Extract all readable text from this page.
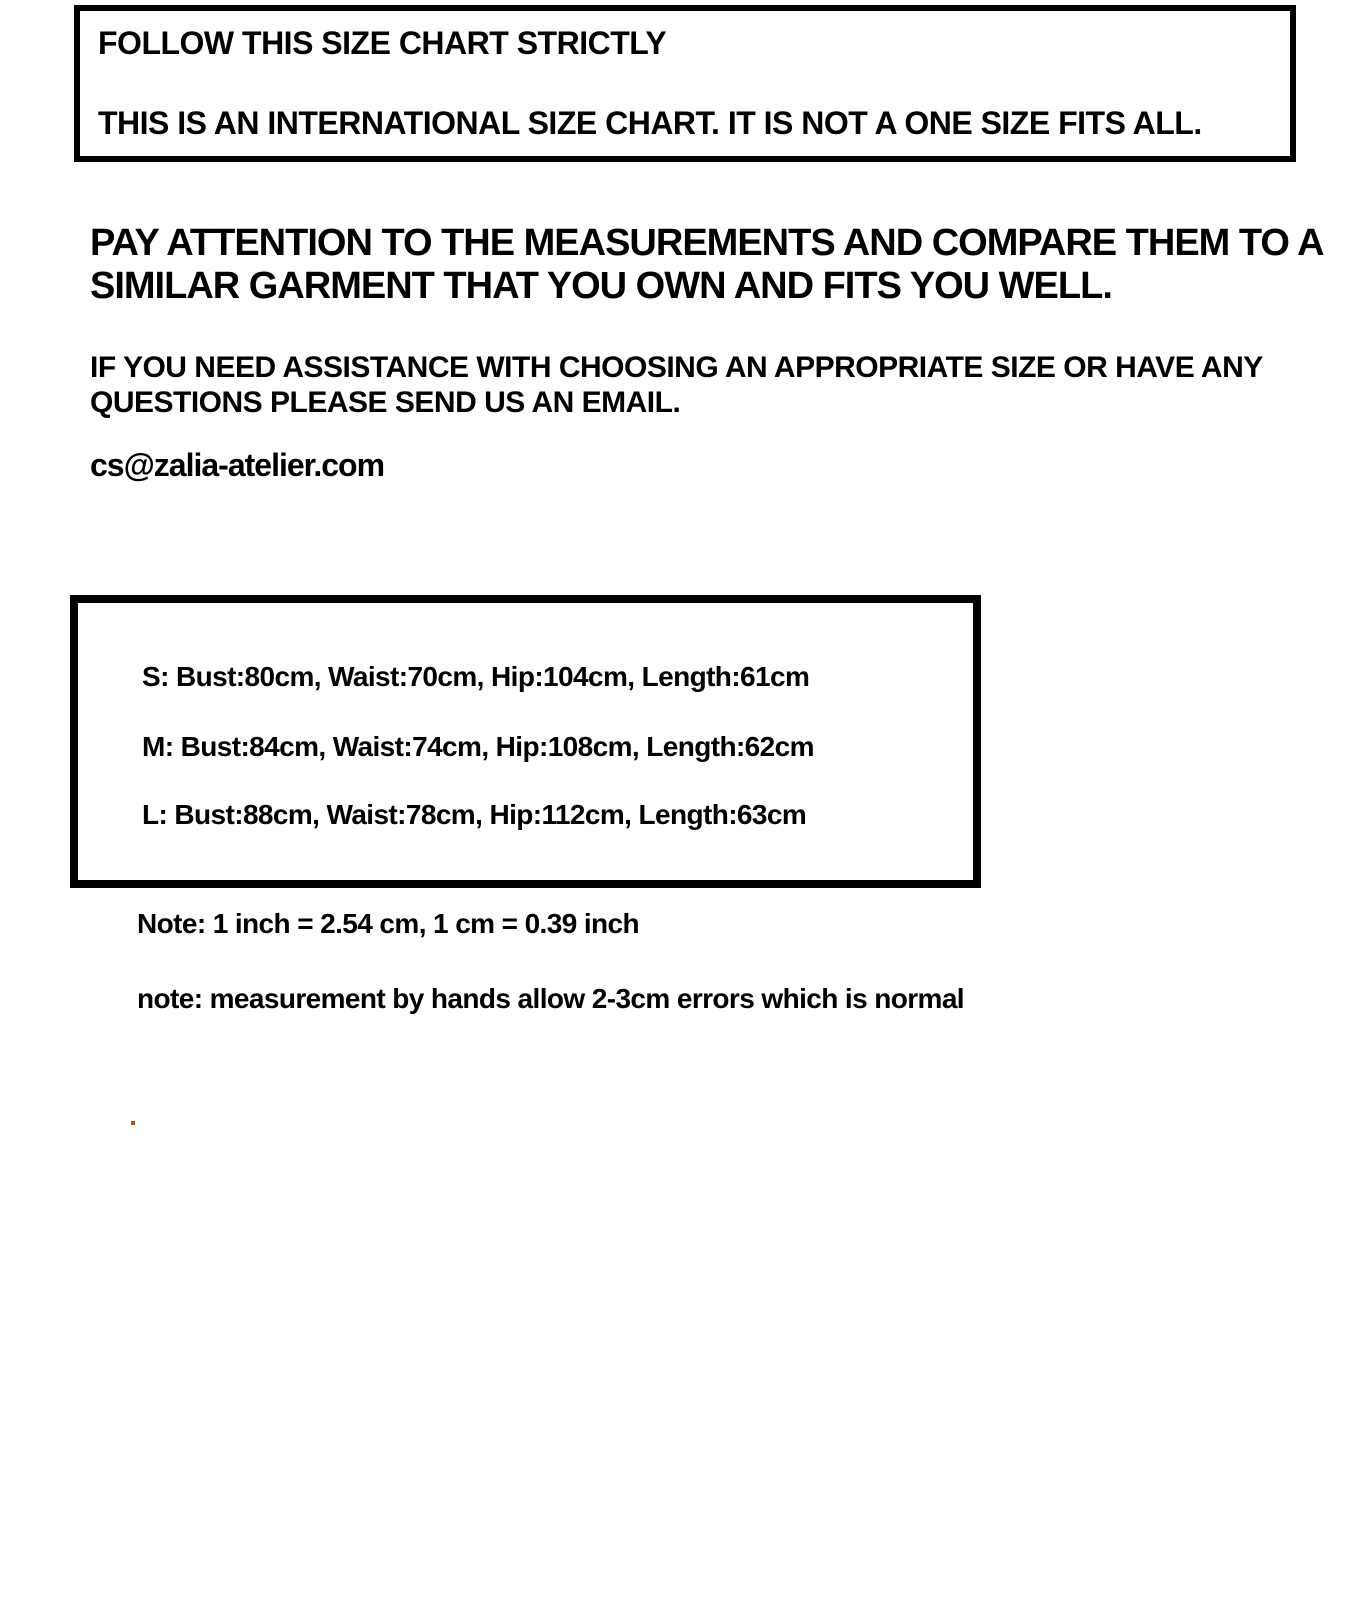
FOLLOW THIS SIZE CHART STRICTLY
THIS IS AN INTERNATIONAL SIZE CHART. IT IS NOT A ONE SIZE FITS ALL.
PAY ATTENTION TO THE MEASUREMENTS AND COMPARE THEM TO A
SIMILAR GARMENT THAT YOU OWN AND FITS YOU WELL.
IF YOU NEED ASSISTANCE WITH CHOOSING AN APPROPRIATE SIZE OR HAVE ANY
QUESTIONS PLEASE SEND US AN EMAIL.
cs@zalia-atelier.com
S: Bust:80cm, Waist:70cm, Hip:104cm, Length:61cm
M: Bust:84cm, Waist:74cm, Hip:108cm, Length:62cm
L: Bust:88cm, Waist:78cm, Hip:112cm, Length:63cm
Note: 1 inch = 2.54 cm, 1 cm = 0.39 inch
note: measurement by hands allow 2-3cm errors which is normal
